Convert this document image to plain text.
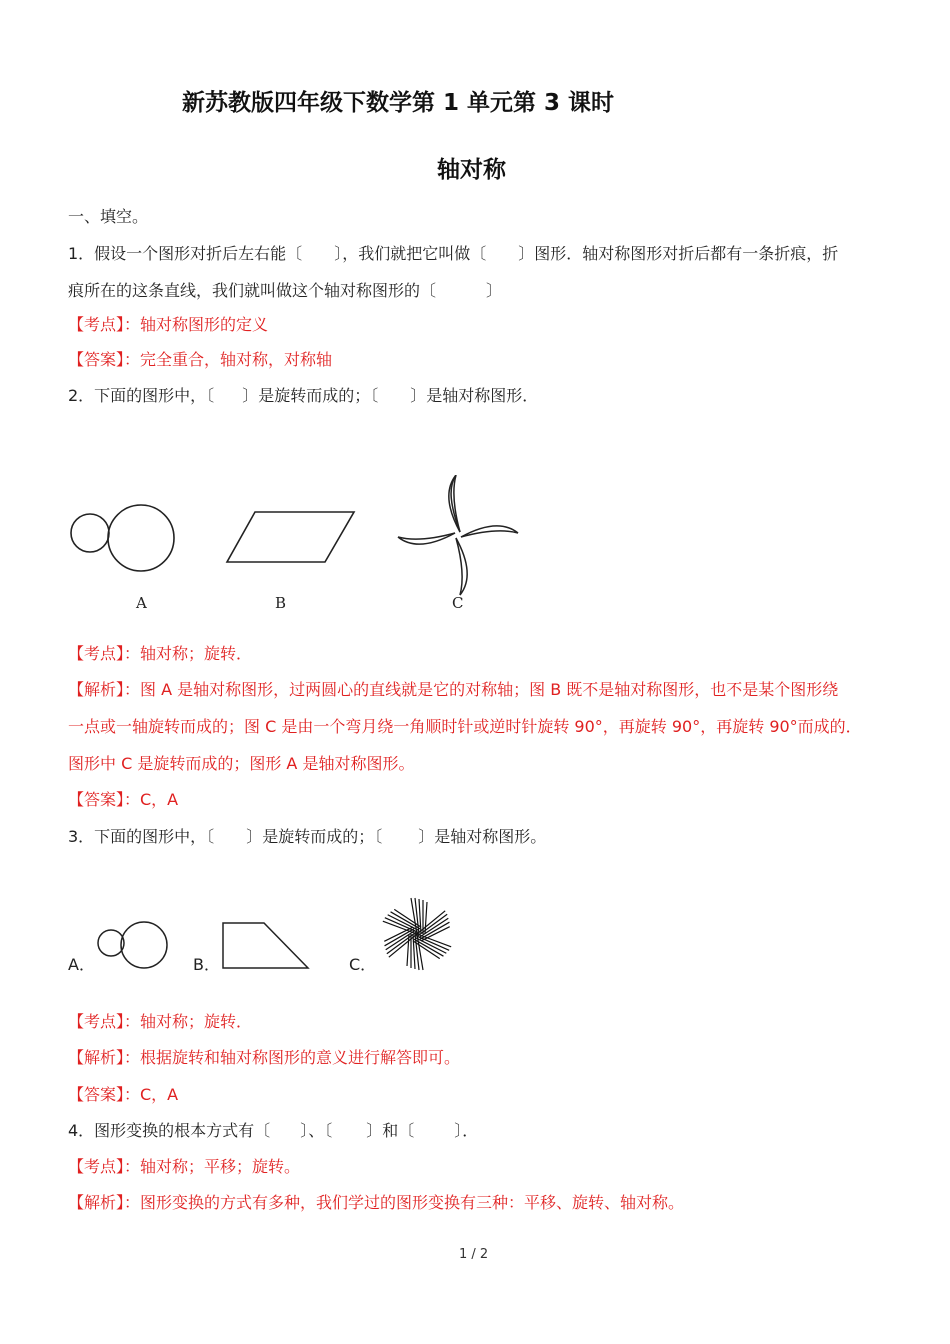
新苏教版四年级下数学第 1 单元第 3 课时
轴对称
一、填空。
1．假设一个图形对折后左右能〔 〕，我们就把它叫做〔 〕图形．轴对称图形对折后都有一条折痕，折
痕所在的这条直线，我们就叫做这个轴对称图形的〔	〕
【考点】：轴对称图形的定义
【答案】：完全重合，轴对称，对称轴
2．下面的图形中，〔 〕是旋转而成的；〔 〕是轴对称图形．
A	B	C
【考点】：轴对称；旋转．
【解析】：图 A 是轴对称图形，过两圆心的直线就是它的对称轴；图 B 既不是轴对称图形，也不是某个图形绕
一点或一轴旋转而成的；图 C 是由一个弯月绕一角顺时针或逆时针旋转 90°，再旋转 90°，再旋转 90°而成的．
图形中 C 是旋转而成的；图形 A 是轴对称图形。
【答案】：C，A
3．下面的图形中，〔 〕是旋转而成的；〔 〕是轴对称图形。
A．	B．	C．
【考点】：轴对称；旋转．
【解析】：根据旋转和轴对称图形的意义进行解答即可。
【答案】：C，A
4．图形变换的根本方式有〔 〕、〔 〕和〔	〕．
【考点】：轴对称；平移；旋转。
【解析】：图形变换的方式有多种，我们学过的图形变换有三种：平移、旋转、轴对称。
1 / 2
